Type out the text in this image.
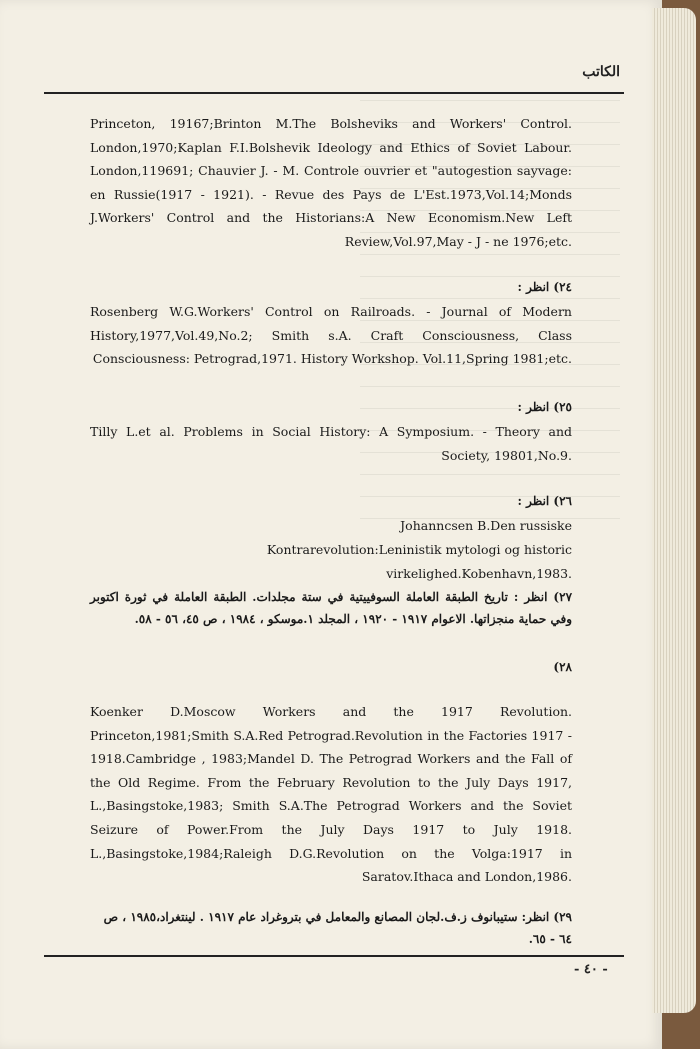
الكاتب
Princeton, 19167;Brinton M.The Bolsheviks and Workers' Control. London,1970;Kaplan F.I.Bolshevik Ideology and Ethics of Soviet Labour. London,119691; Chauvier J. - M. Controle ouvrier et "autogestion sayvage: en Russie(1917 - 1921). - Revue des Pays de L'Est.1973,Vol.14;Monds J.Workers' Control and the Historians:A New Economism.New Left Review,Vol.97,May - J - ne 1976;etc.
٢٤) انظر :
Rosenberg W.G.Workers' Control on Railroads. - Journal of Modern History,1977,Vol.49,No.2; Smith s.A. Craft Consciousness, Class Consciousness: Petrograd,1971. History Workshop. Vol.11,Spring 1981;etc.
٢٥) انظر :
Tilly L.et al. Problems in Social History: A Symposium. - Theory and Society, 19801,No.9.
٢٦) انظر :
Johanncsen B.Den russiske
Kontrarevolution:Leninistik mytologi og historic virkelighed.Kobenhavn,1983.
٢٧) انظر : تاريخ الطبقة العاملة السوفييتية في ستة مجلدات. الطبقة العاملة في ثورة اكتوبر وفي حماية منجزاتها. الاعوام ١٩١٧ - ١٩٢٠ ، المجلد ١.موسكو ، ١٩٨٤ ، ص ٤٥، ٥٦ - ٥٨.
٢٨)
Koenker D.Moscow Workers and the 1917 Revolution. Princeton,1981;Smith S.A.Red Petrograd.Revolution in the Factories 1917 - 1918.Cambridge , 1983;Mandel D. The Petrograd Workers and the Fall of the Old Regime. From the February Revolution to the July Days 1917, L.,Basingstoke,1983; Smith S.A.The Petrograd Workers and the Soviet Seizure of Power.From the July Days 1917 to July 1918. L.,Basingstoke,1984;Raleigh D.G.Revolution on the Volga:1917 in Saratov.Ithaca and London,1986.
٢٩) انظر: ستيبانوف ز.ف.لجان المصانع والمعامل في بتروغراد عام ١٩١٧ . لينتغراد،١٩٨٥ ، ص ٦٤ - ٦٥.
- ٤٠ -
